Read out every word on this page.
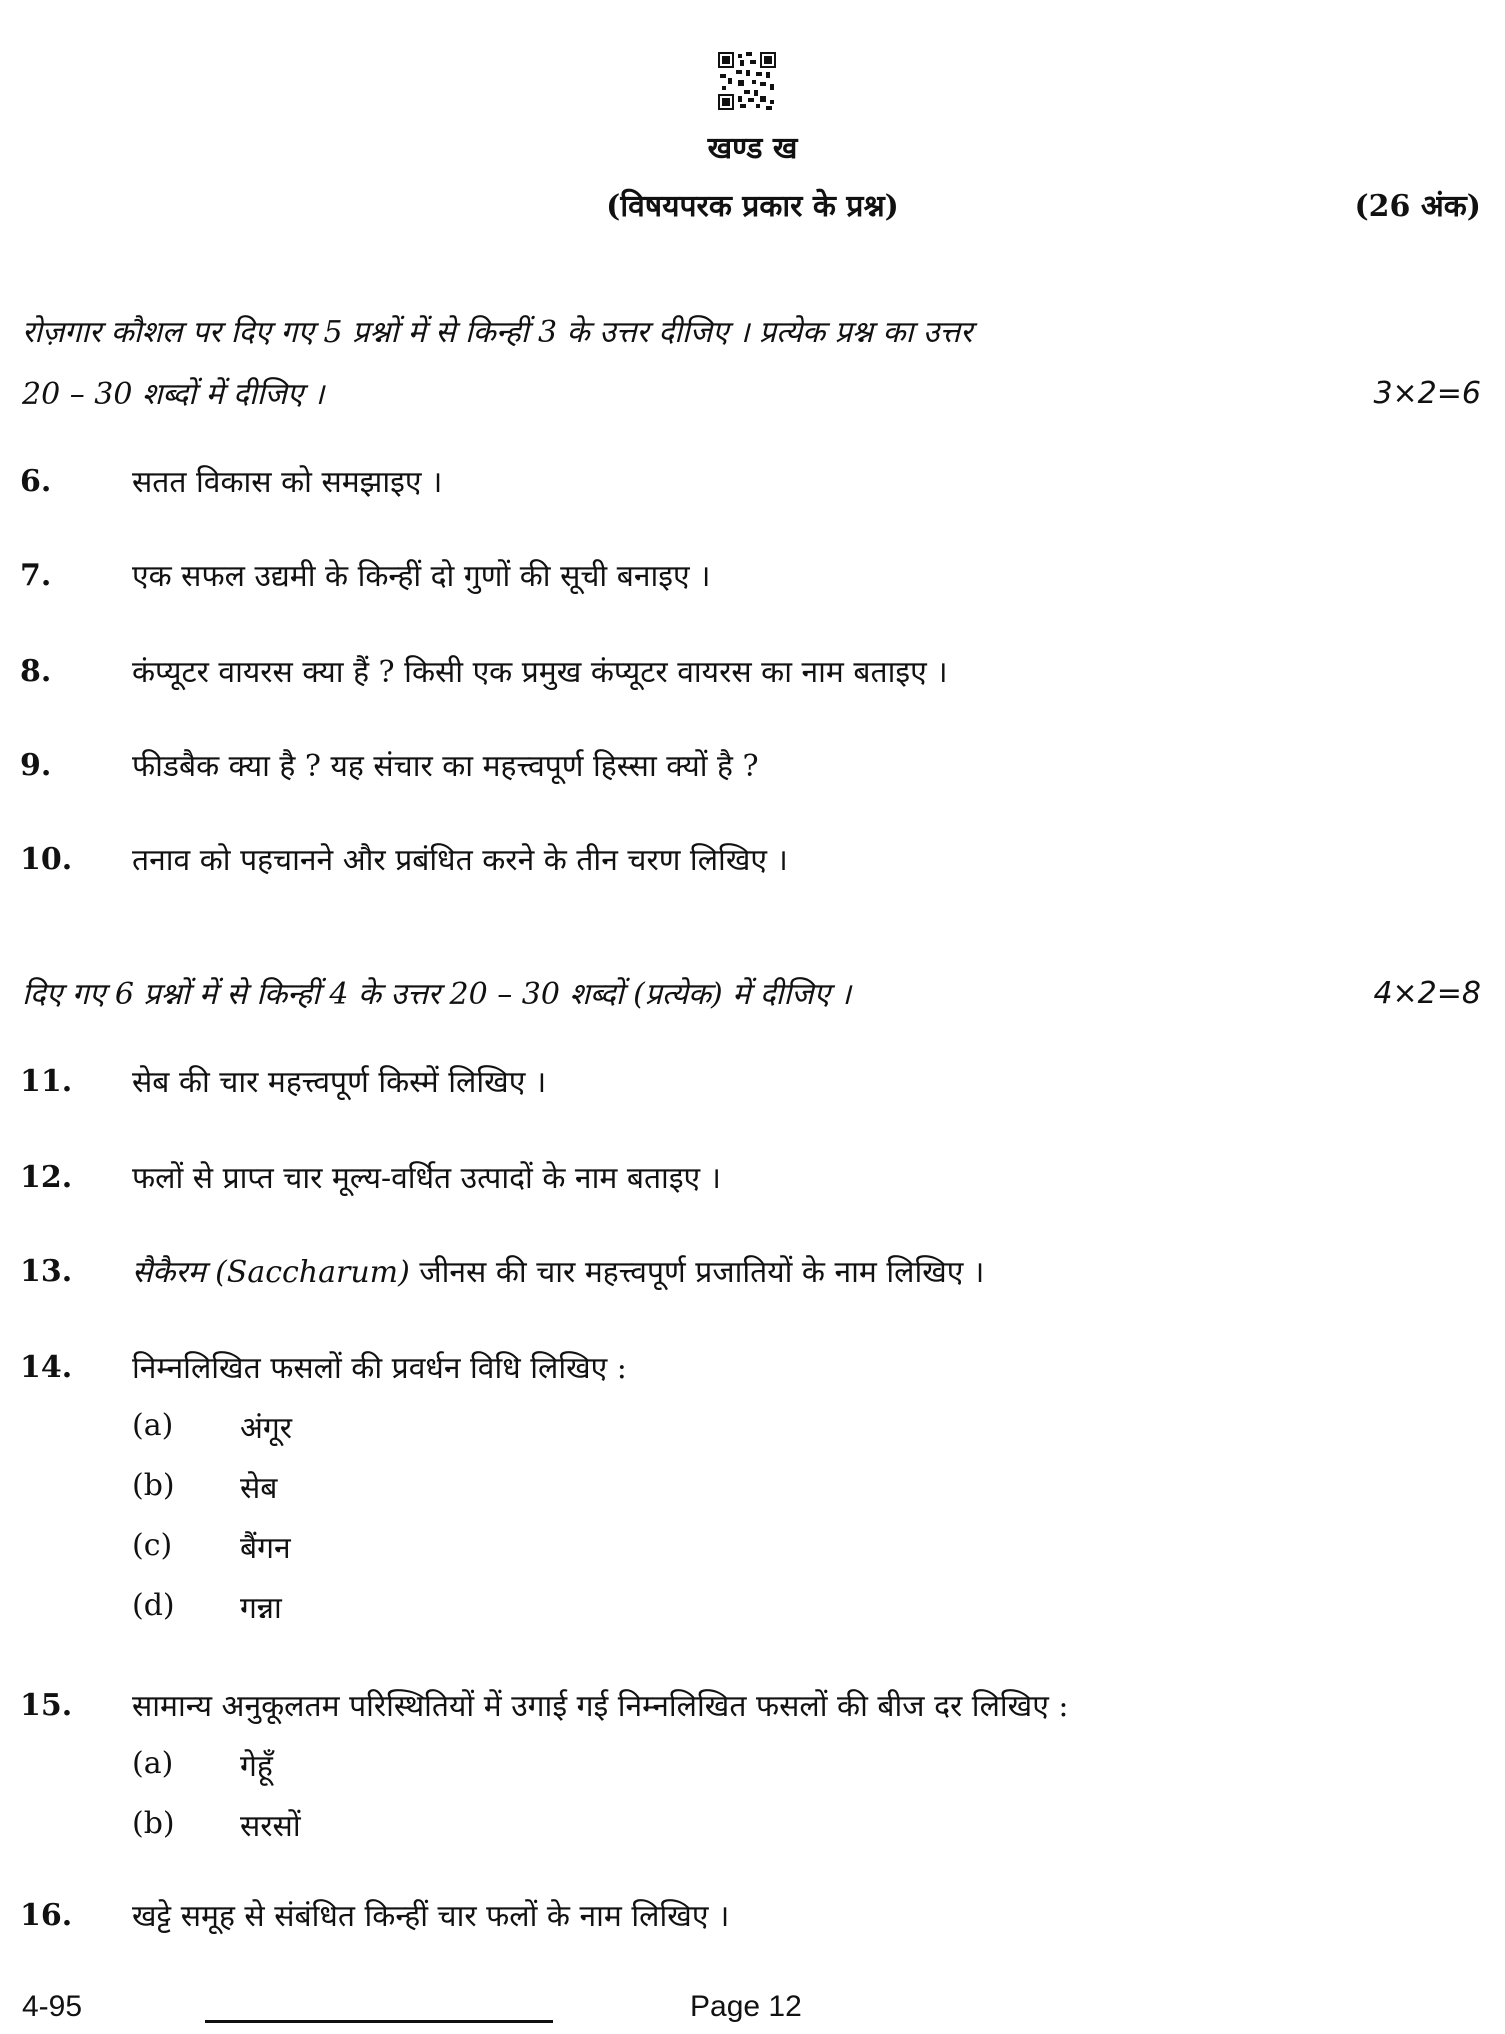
खण्ड ख
(विषयपरक प्रकार के प्रश्न)	(26 अंक)
रोज़गार कौशल पर दिए गए 5 प्रश्नों में से किन्हीं 3 के उत्तर दीजिए । प्रत्येक प्रश्न का उत्तर
20 – 30 शब्दों में दीजिए ।	3×2=6
6.	सतत विकास को समझाइए ।
7.	एक सफल उद्यमी के किन्हीं दो गुणों की सूची बनाइए ।
8.	कंप्यूटर वायरस क्या हैं ? किसी एक प्रमुख कंप्यूटर वायरस का नाम बताइए ।
9.	फीडबैक क्या है ? यह संचार का महत्त्वपूर्ण हिस्सा क्यों है ?
10. तनाव को पहचानने और प्रबंधित करने के तीन चरण लिखिए ।
दिए गए 6 प्रश्नों में से किन्हीं 4 के उत्तर 20 – 30 शब्दों (प्रत्येक) में दीजिए ।	4×2=8
11. सेब की चार महत्त्वपूर्ण किस्में लिखिए ।
12. फलों से प्राप्त चार मूल्य-वर्धित उत्पादों के नाम बताइए ।
13. सैकैरम (Saccharum) जीनस की चार महत्त्वपूर्ण प्रजातियों के नाम लिखिए ।
14. निम्नलिखित फसलों की प्रवर्धन विधि लिखिए :
(a) अंगूर
(b) सेब
(c) बैंगन
(d) गन्ना
15. सामान्य अनुकूलतम परिस्थितियों में उगाई गई निम्नलिखित फसलों की बीज दर लिखिए :
(a) गेहूँ
(b) सरसों
16. खट्टे समूह से संबंधित किन्हीं चार फलों के नाम लिखिए ।
4-95	Page 12
